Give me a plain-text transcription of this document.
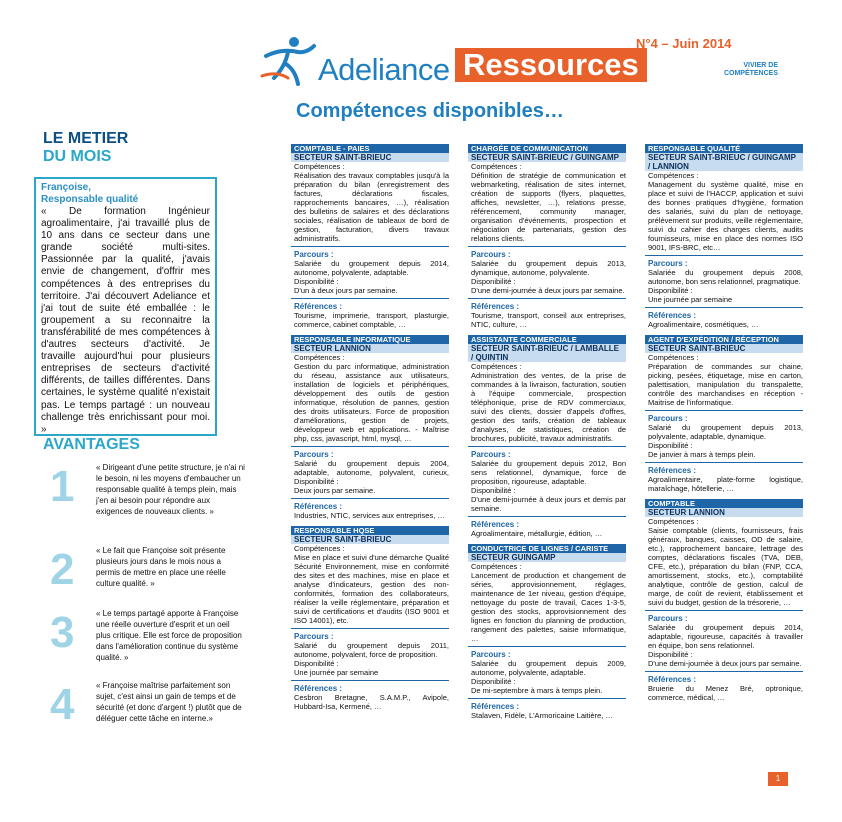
Adeliance Ressources
N°4 – Juin 2014
VIVIER DE COMPÉTENCES
Compétences disponibles…
LE METIER
DU MOIS
Françoise,
Responsable qualité
« De formation Ingénieur agroalimentaire, j'ai travaillé plus de 10 ans dans ce secteur dans une grande société multi-sites. Passionnée par la qualité, j'avais envie de changement, d'offrir mes compétences à des entreprises du territoire. J'ai découvert Adeliance et j'ai tout de suite été emballée : le groupement a su reconnaitre la transférabilité de mes compétences à d'autres secteurs d'activité. Je travaille aujourd'hui pour plusieurs entreprises de secteurs d'activité différents, de tailles différentes. Dans certaines, le système qualité n'existait pas. Le temps partagé : un nouveau challenge très enrichissant pour moi. »
AVANTAGES
1	« Dirigeant d'une petite structure, je n'ai ni le besoin, ni les moyens d'embaucher un responsable qualité à temps plein, mais j'en ai besoin pour répondre aux exigences de nouveaux clients. »
2	« Le fait que Françoise soit présente plusieurs jours dans le mois nous a permis de mettre en place une réelle culture qualité. »
3	« Le temps partagé apporte à Françoise une réelle ouverture d'esprit et un oeil plus critique. Elle est force de proposition dans l'amélioration continue du système qualité. »
4	« Françoise maîtrise parfaitement son sujet, c'est ainsi un gain de temps et de sécurité (et donc d'argent !) plutôt que de déléguer cette tâche en interne.»
COMPTABLE - PAIES
SECTEUR SAINT-BRIEUC
Compétences :
Réalisation des travaux comptables jusqu'à la préparation du bilan (enregistrement des factures, déclarations fiscales, rapprochements bancaires, …), réalisation des bulletins de salaires et des déclarations sociales, réalisation de tableaux de bord de gestion, facturation, divers travaux administratifs.
Parcours :
Salariée du groupement depuis 2014, autonome, polyvalente, adaptable.
Disponibilité :
D'un à deux jours par semaine.
Références :
Tourisme, imprimerie, transport, plasturgie, commerce, cabinet comptable, …
RESPONSABLE INFORMATIQUE
SECTEUR LANNION
Compétences :
Gestion du parc informatique, administration du réseau, assistance aux utilisateurs, installation de logiciels et périphériques, développement des outils de gestion informatique, résolution de pannes, gestion des droits utilisateurs. Force de proposition d'améliorations, gestion de projets, développeur web et applications. - Maîtrise php, css, javascript, html, mysql, …
Parcours :
Salarié du groupement depuis 2004, adaptable, autonome, polyvalent, curieux, Disponibilité :
Deux jours par semaine.
Références :
Industries, NTIC, services aux entreprises, …
RESPONSABLE HQSE
SECTEUR SAINT-BRIEUC
Compétences :
Mise en place et suivi d'une démarche Qualité Sécurité Environnement, mise en conformité des sites et des machines, mise en place et analyse d'indicateurs, gestion des non-conformités, formation des collaborateurs, réaliser la veille réglementaire, préparation et suivi de certifications et d'audits (ISO 9001 et ISO 14001), etc.
Parcours :
Salarié du groupement depuis 2011, autonome, polyvalent, force de proposition.
Disponibilité :
Une journée par semaine
Références :
Cesbron Bretagne, S.A.M.P., Avipole, Hubbard-Isa, Kermené, …
CHARGÉE DE COMMUNICATION
SECTEUR SAINT-BRIEUC / GUINGAMP
Compétences :
Définition de stratégie de communication et webmarketing, réalisation de sites internet, création de supports (flyers, plaquettes, affiches, newsletter, …), relations presse, référencement, community manager, organisation d'événements, prospection et négociation de partenariats, gestion des relations clients.
Parcours :
Salariée du groupement depuis 2013, dynamique, autonome, polyvalente.
Disponibilité :
D'une demi-journée à deux jours par semaine.
Références :
Tourisme, transport, conseil aux entreprises, NTIC, culture, …
ASSISTANTE COMMERCIALE
SECTEUR SAINT-BRIEUC / LAMBALLE / QUINTIN
Compétences :
Administration des ventes, de la prise de commandes à la livraison, facturation, soutien à l'équipe commerciale, prospection téléphonique, prise de RDV commerciaux, suivi des clients, dossier d'appels d'offres, gestion des tarifs, création de tableaux d'analyses, de statistiques, création de brochures, publicité, travaux administratifs.
Parcours :
Salariée du groupement depuis 2012, Bon sens relationnel, dynamique, force de proposition, rigoureuse, adaptable.
Disponibilité :
D'une demi-journée à deux jours et demis par semaine.
Références :
Agroalimentaire, métallurgie, édition, …
CONDUCTRICE DE LIGNES / CARISTE
SECTEUR GUINGAMP
Compétences :
Lancement de production et changement de séries, approvisionnement, réglages, maintenance de 1er niveau, gestion d'équipe, nettoyage du poste de travail, Caces 1-3-5, gestion des stocks, approvisionnement des lignes en fonction du planning de production, rangement des palettes, saisie informatique, …
Parcours :
Salariée du groupement depuis 2009, autonome, polyvalente, adaptable.
Disponibilité :
De mi-septembre à mars à temps plein.
Références :
Stalaven, Fidèle, L'Armoricaine Laitière, …
RESPONSABLE QUALITÉ
SECTEUR SAINT-BRIEUC / GUINGAMP / LANNION
Compétences :
Management du système qualité, mise en place et suivi de l'HACCP, application et suivi des bonnes pratiques d'hygiène, formation des salariés, suivi du plan de nettoyage, prélèvement sur produits, veille réglementaire, suivi du cahier des charges clients, audits fournisseurs, mise en place des normes ISO 9001, IFS-BRC, etc…
Parcours :
Salariée du groupement depuis 2008, autonome, bon sens relationnel, pragmatique.
Disponibilité :
Une journée par semaine
Références :
Agroalimentaire, cosmétiques, …
AGENT D'EXPÉDITION / RÉCEPTION
SECTEUR SAINT-BRIEUC
Compétences :
Préparation de commandes sur chaine, picking, pesées, étiquetage, mise en carton, palettisation, manipulation du transpalette, contrôle des marchandises en réception - Maitrise de l'informatique.
Parcours :
Salarié du groupement depuis 2013, polyvalente, adaptable, dynamique.
Disponibilité :
De janvier à mars à temps plein.
Références :
Agroalimentaire, plate-forme logistique, maraîchage, hôtellerie, …
COMPTABLE
SECTEUR LANNION
Compétences :
Saisie comptable (clients, fournisseurs, frais généraux, banques, caisses, OD de salaire, etc.), rapprochement bancaire, lettrage des comptes, déclarations fiscales (TVA, DEB, CFE, etc.), préparation du bilan (FNP, CCA, amortissement, stocks, etc.), comptabilité analytique, contrôle de gestion, calcul de marge, de coût de revient, établissement et suivi du budget, gestion de la trésorerie, …
Parcours :
Salariée du groupement depuis 2014, adaptable, rigoureuse, capacités à travailler en équipe, bon sens relationnel.
Disponibilité :
D'une demi-journée à deux jours par semaine.
Références :
Bruierie du Menez Bré, optronique, commerce, médical, …
1
